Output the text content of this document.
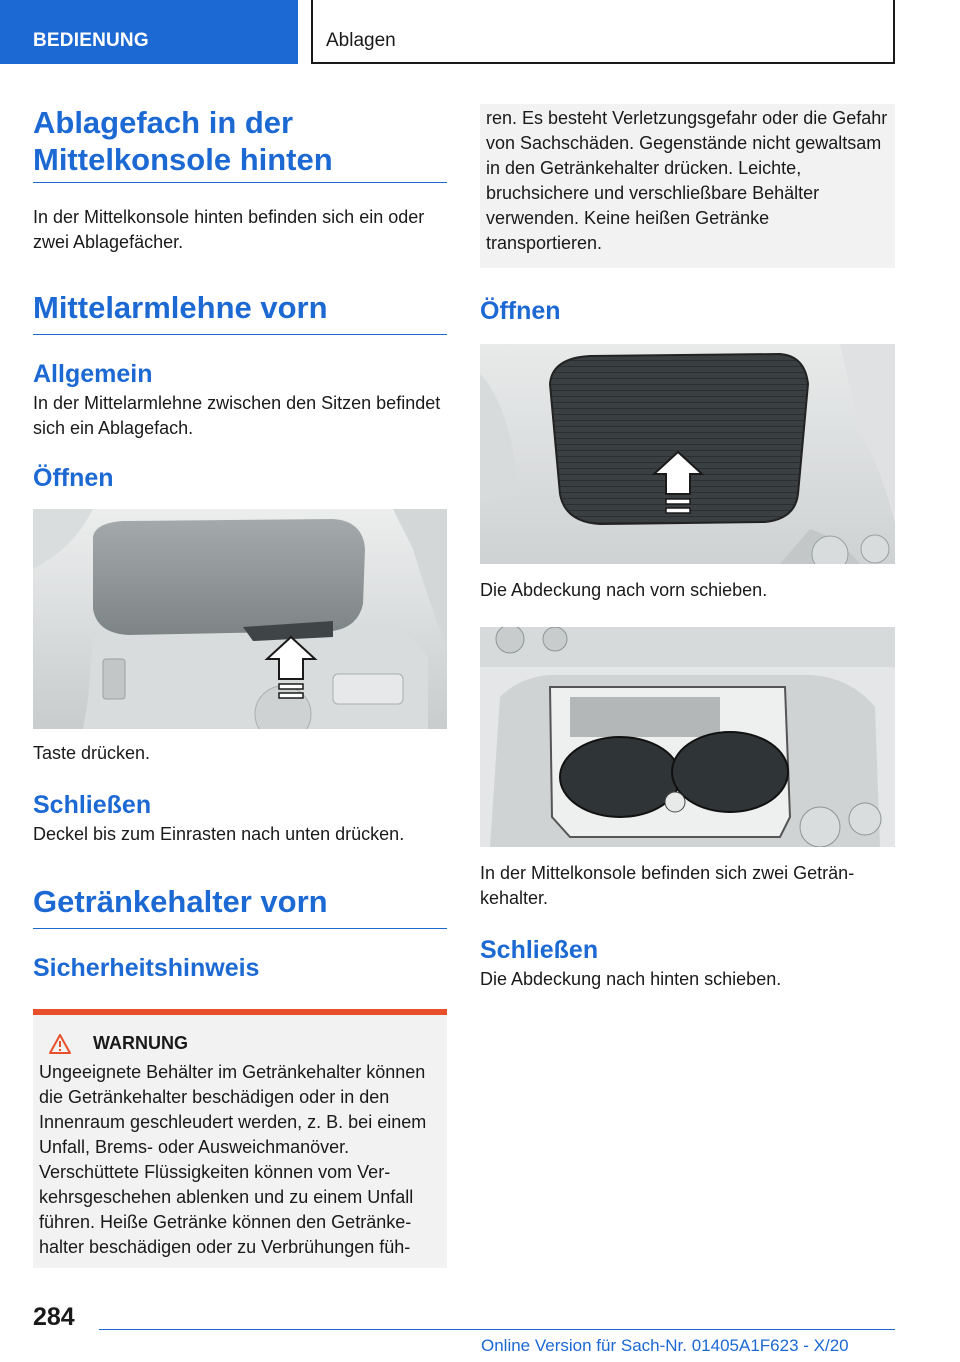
BEDIENUNG	Ablagen
Ablagefach in der Mittelkonsole hinten
In der Mittelkonsole hinten befinden sich ein oder zwei Ablagefächer.
Mittelarmlehne vorn
Allgemein
In der Mittelarmlehne zwischen den Sitzen befindet sich ein Ablagefach.
Öffnen
Taste drücken.
Schließen
Deckel bis zum Einrasten nach unten drücken.
Getränkehalter vorn
Sicherheitshinweis
WARNUNG
Ungeeignete Behälter im Getränkehalter können die Getränkehalter beschädigen oder in den Innenraum geschleudert werden, z. B. bei einem Unfall, Brems- oder Ausweichmanöver. Verschüttete Flüssigkeiten können vom Verkehrsgeschehen ablenken und zu einem Unfall führen. Heiße Getränke können den Getränkehalter beschädigen oder zu Verbrühungen füh-
ren. Es besteht Verletzungsgefahr oder die Gefahr von Sachschäden. Gegenstände nicht gewaltsam in den Getränkehalter drücken. Leichte, bruchsichere und verschließbare Behälter verwenden. Keine heißen Getränke transportieren.
Öffnen
Die Abdeckung nach vorn schieben.
In der Mittelkonsole befinden sich zwei Getränkehalter.
Schließen
Die Abdeckung nach hinten schieben.
284
Online Version für Sach-Nr. 01405A1F623 - X/20
